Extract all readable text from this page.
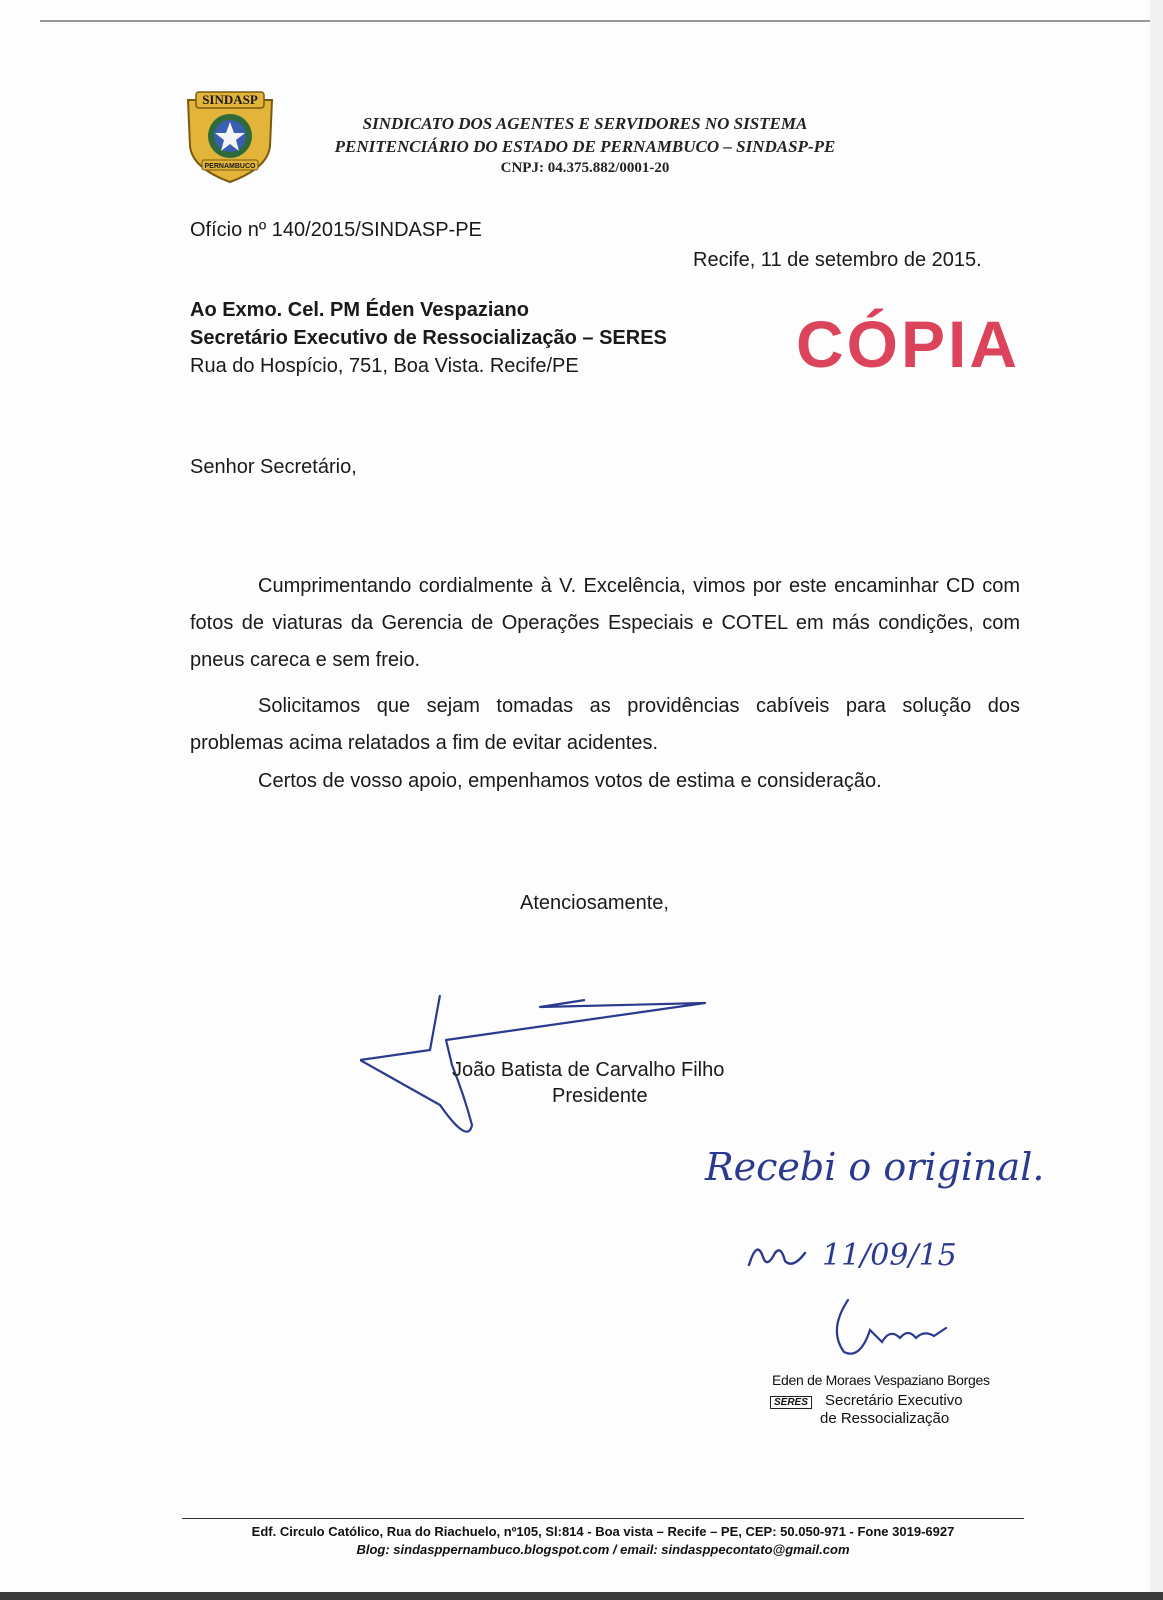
SINDASP
PERNAMBUCO
SINDICATO DOS AGENTES E SERVIDORES NO SISTEMA
PENITENCIÁRIO DO ESTADO DE PERNAMBUCO – SINDASP-PE
CNPJ: 04.375.882/0001-20
Ofício nº 140/2015/SINDASP-PE
Recife, 11 de setembro de 2015.
Ao Exmo. Cel. PM Éden Vespaziano
Secretário Executivo de Ressocialização – SERES
Rua do Hospício, 751, Boa Vista. Recife/PE	CÓPIA
Senhor Secretário,
Cumprimentando cordialmente à V. Excelência, vimos por este encaminhar CD com fotos de viaturas da Gerencia de Operações Especiais e COTEL em más condições, com pneus careca e sem freio.
Solicitamos que sejam tomadas as providências cabíveis para solução dos problemas acima relatados a fim de evitar acidentes.
Certos de vosso apoio, empenhamos votos de estima e consideração.
Atenciosamente,
João Batista de Carvalho Filho
Presidente
Recebi o original.
11/09/15
Eden de Moraes Vespaziano Borges
SERES Secretário Executivo
de Ressocialização
Edf. Circulo Católico, Rua do Riachuelo, nº105, Sl:814 - Boa vista – Recife – PE, CEP: 50.050-971 - Fone 3019-6927
Blog: sindasppernambuco.blogspot.com / email: sindasppecontato@gmail.com
